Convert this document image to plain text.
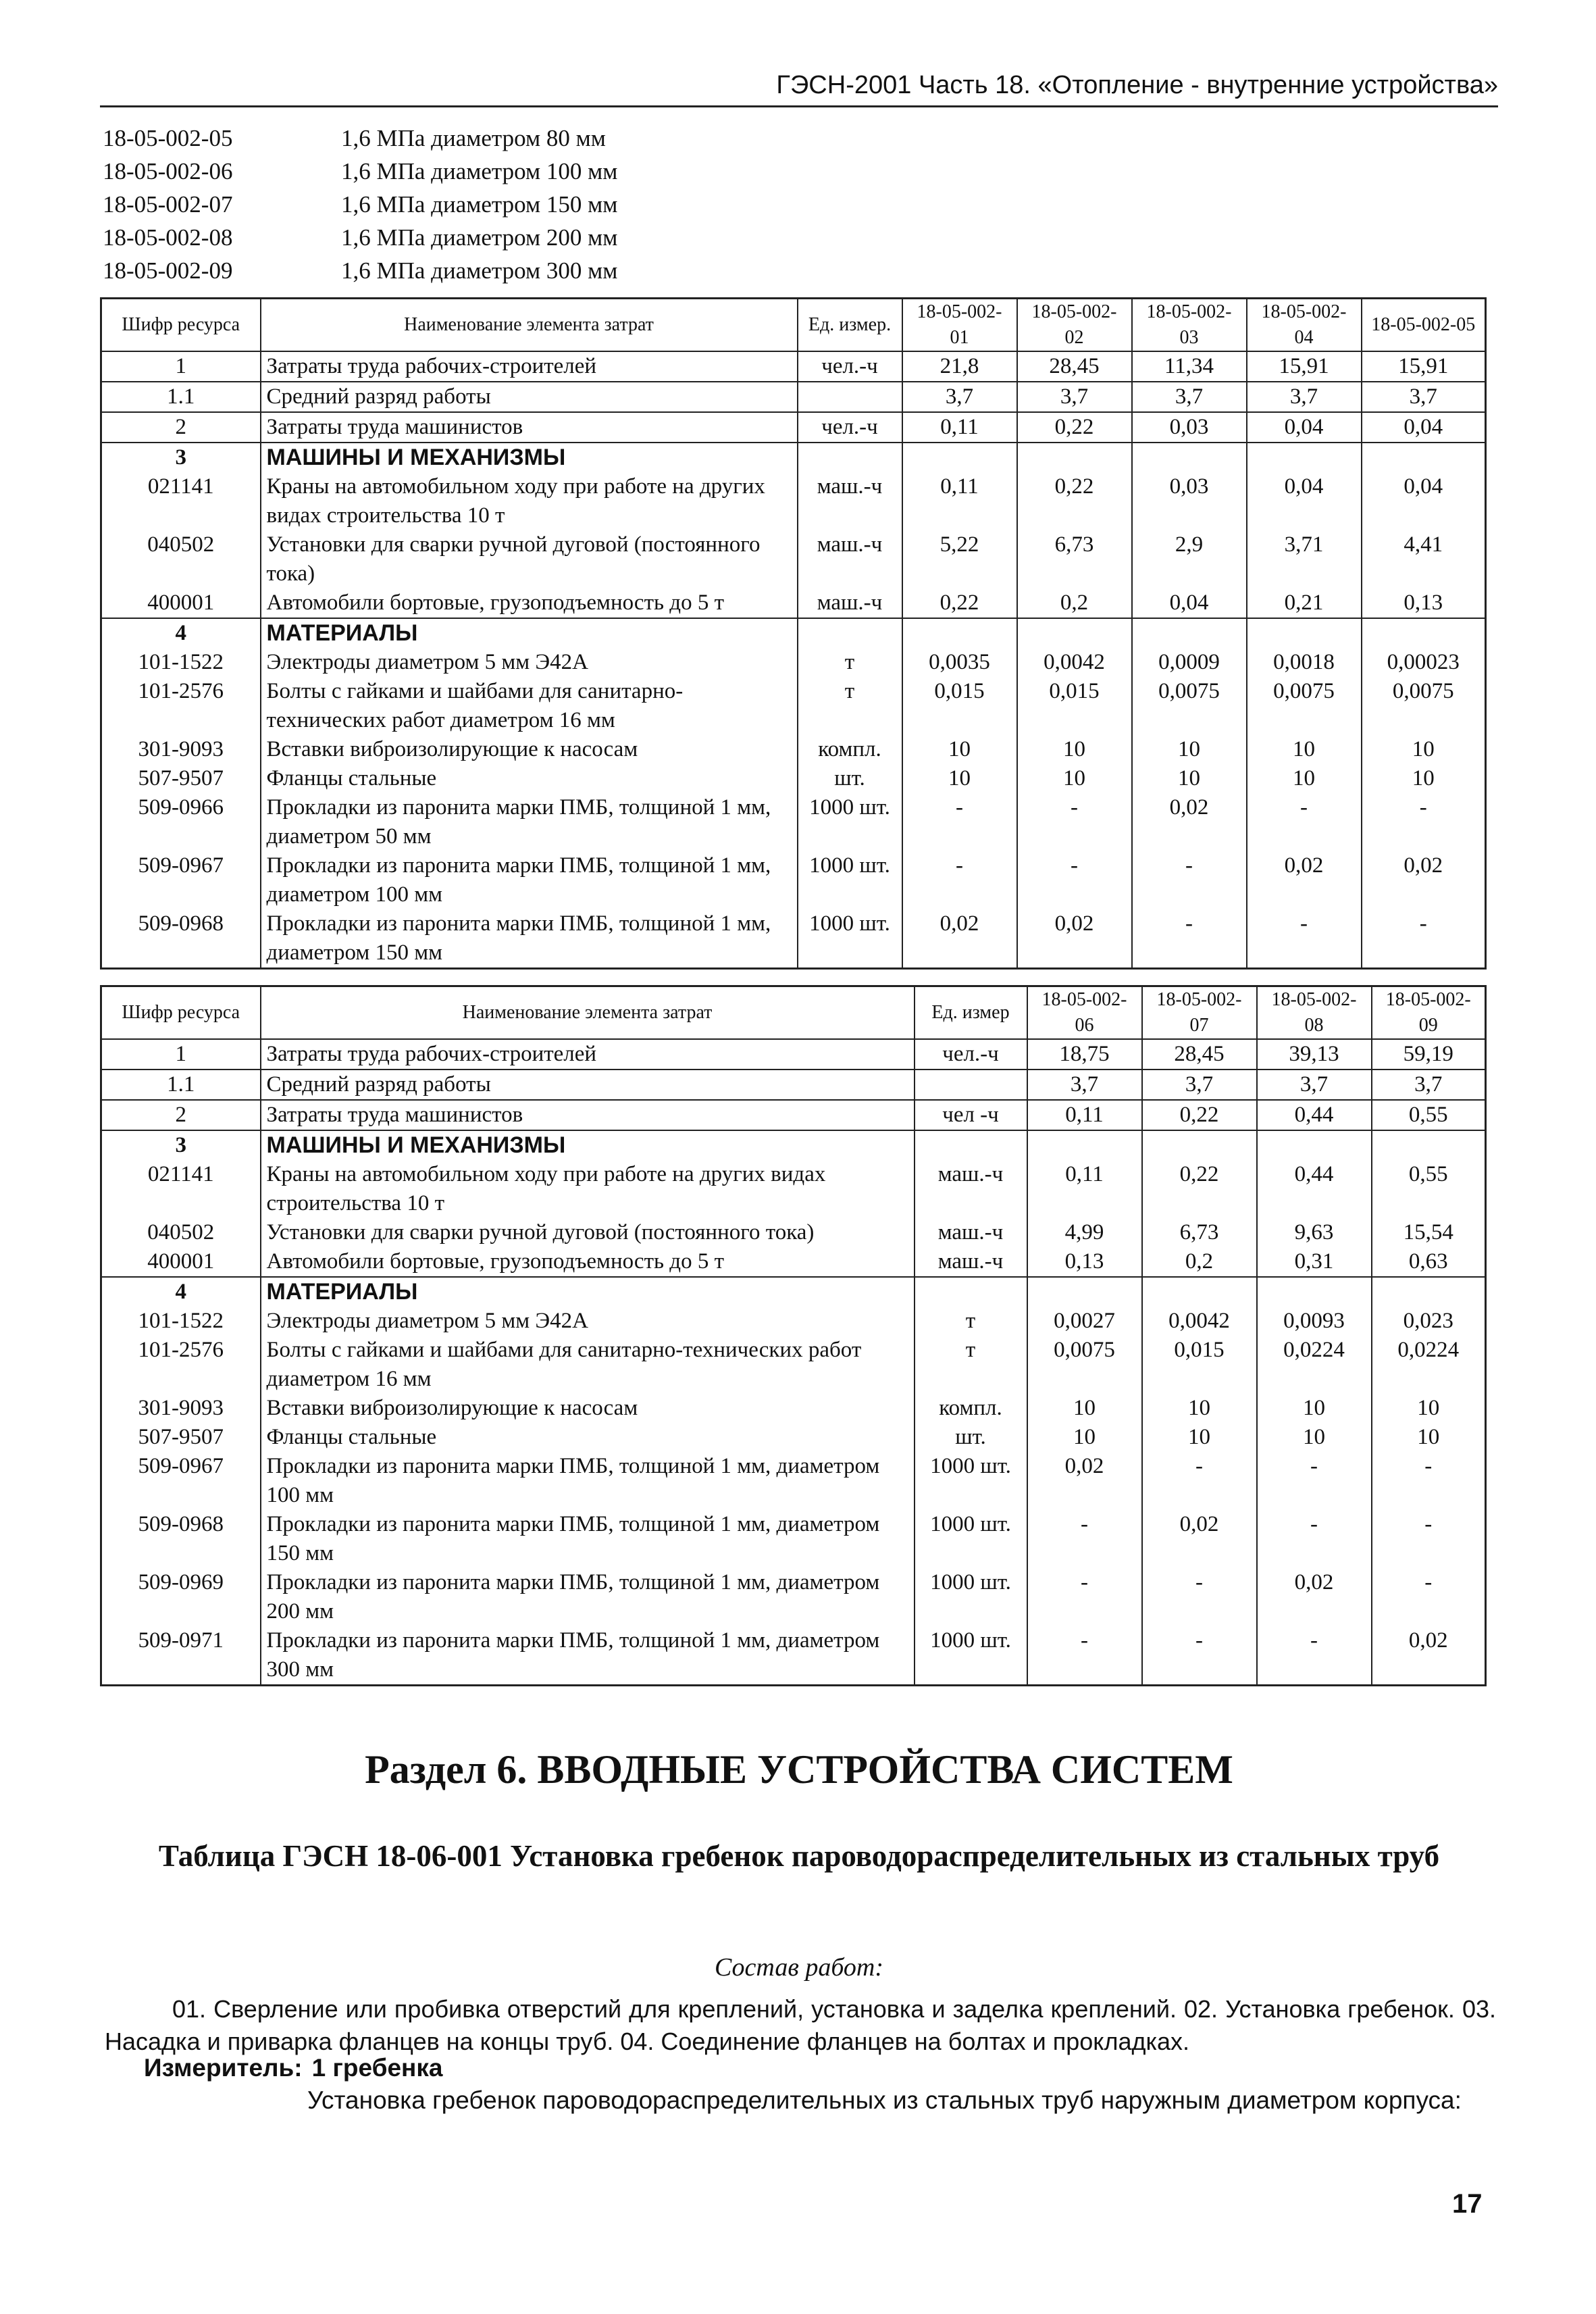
ГЭСН-2001 Часть 18. «Отопление - внутренние устройства»
18-05-002-05	1,6 МПа диаметром 80 мм
18-05-002-06	1,6 МПа диаметром 100 мм
18-05-002-07	1,6 МПа диаметром 150 мм
18-05-002-08	1,6 МПа диаметром 200 мм
18-05-002-09	1,6 МПа диаметром 300 мм
Шифр ресурса	Наименование элемента затрат	Ед. измер.	18-05-002-01	18-05-002-02	18-05-002-03	18-05-002-04	18-05-002-05
1	Затраты труда рабочих-строителей	чел.-ч	21,8	28,45	11,34	15,91	15,91
1.1	Средний разряд работы		3,7	3,7	3,7	3,7	3,7
2	Затраты труда машинистов	чел.-ч	0,11	0,22	0,03	0,04	0,04
3	МАШИНЫ И МЕХАНИЗМЫ						
021141	Краны на автомобильном ходу при работе на других видах строительства 10 т	маш.-ч	0,11	0,22	0,03	0,04	0,04
040502	Установки для сварки ручной дуговой (постоянного тока)	маш.-ч	5,22	6,73	2,9	3,71	4,41
400001	Автомобили бортовые, грузоподъемность до 5 т	маш.-ч	0,22	0,2	0,04	0,21	0,13
4	МАТЕРИАЛЫ						
101-1522	Электроды диаметром 5 мм Э42А	т	0,0035	0,0042	0,0009	0,0018	0,00023
101-2576	Болты с гайками и шайбами для санитарно-технических работ диаметром 16 мм	т	0,015	0,015	0,0075	0,0075	0,0075
301-9093	Вставки виброизолирующие к насосам	компл.	10	10	10	10	10
507-9507	Фланцы стальные	шт.	10	10	10	10	10
509-0966	Прокладки из паронита марки ПМБ, толщиной 1 мм, диаметром 50 мм	1000 шт.	-	-	0,02	-	-
509-0967	Прокладки из паронита марки ПМБ, толщиной 1 мм, диаметром 100 мм	1000 шт.	-	-	-	0,02	0,02
509-0968	Прокладки из паронита марки ПМБ, толщиной 1 мм, диаметром 150 мм	1000 шт.	0,02	0,02	-	-	-
Шифр ресурса	Наименование элемента затрат	Ед. измер	18-05-002-06	18-05-002-07	18-05-002-08	18-05-002-09
1	Затраты труда рабочих-строителей	чел.-ч	18,75	28,45	39,13	59,19
1.1	Средний разряд работы		3,7	3,7	3,7	3,7
2	Затраты труда машинистов	чел -ч	0,11	0,22	0,44	0,55
3	МАШИНЫ И МЕХАНИЗМЫ					
021141	Краны на автомобильном ходу при работе на других видах строительства 10 т	маш.-ч	0,11	0,22	0,44	0,55
040502	Установки для сварки ручной дуговой (постоянного тока)	маш.-ч	4,99	6,73	9,63	15,54
400001	Автомобили бортовые, грузоподъемность до 5 т	маш.-ч	0,13	0,2	0,31	0,63
4	МАТЕРИАЛЫ					
101-1522	Электроды диаметром 5 мм Э42А	т	0,0027	0,0042	0,0093	0,023
101-2576	Болты с гайками и шайбами для санитарно-технических работ диаметром 16 мм	т	0,0075	0,015	0,0224	0,0224
301-9093	Вставки виброизолирующие к насосам	компл.	10	10	10	10
507-9507	Фланцы стальные	шт.	10	10	10	10
509-0967	Прокладки из паронита марки ПМБ, толщиной 1 мм, диаметром 100 мм	1000 шт.	0,02	-	-	-
509-0968	Прокладки из паронита марки ПМБ, толщиной 1 мм, диаметром 150 мм	1000 шт.	-	0,02	-	-
509-0969	Прокладки из паронита марки ПМБ, толщиной 1 мм, диаметром 200 мм	1000 шт.	-	-	0,02	-
509-0971	Прокладки из паронита марки ПМБ, толщиной 1 мм, диаметром 300 мм	1000 шт.	-	-	-	0,02
Раздел 6. ВВОДНЫЕ УСТРОЙСТВА СИСТЕМ
Таблица ГЭСН 18-06-001 Установка гребенок пароводораспределительных из стальных труб
Состав работ:
01. Сверление или пробивка отверстий для креплений, установка и заделка креплений. 02. Установка гребенок. 03. Насадка и приварка фланцев на концы труб. 04. Соединение фланцев на болтах и прокладках.
Измеритель: 1 гребенка
Установка гребенок пароводораспределительных из стальных труб наружным диаметром корпуса:
17
